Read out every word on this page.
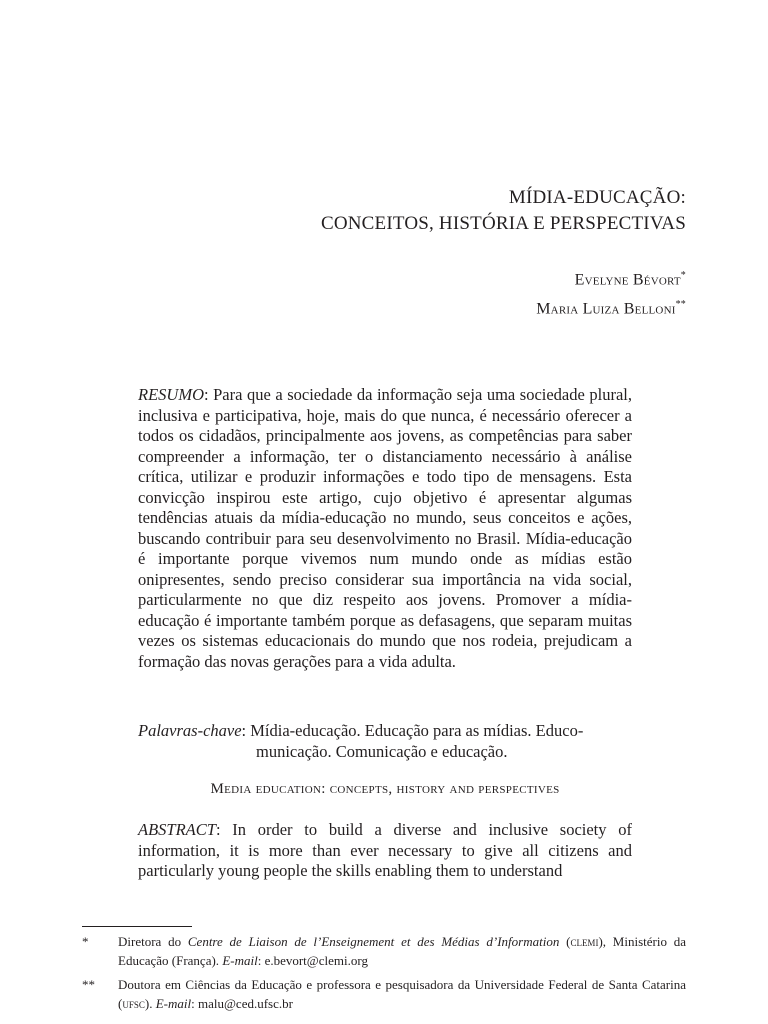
MÍDIA-EDUCAÇÃO:
CONCEITOS, HISTÓRIA E PERSPECTIVAS
Evelyne Bévort*
Maria Luiza Belloni**
RESUMO: Para que a sociedade da informação seja uma sociedade plural, inclusiva e participativa, hoje, mais do que nunca, é necessário oferecer a todos os cidadãos, principalmente aos jovens, as competências para saber compreender a informação, ter o distanciamento necessário à análise crítica, utilizar e produzir informações e todo tipo de mensagens. Esta convicção inspirou este artigo, cujo objetivo é apresentar algumas tendências atuais da mídia-educação no mundo, seus conceitos e ações, buscando contribuir para seu desenvolvimento no Brasil. Mídia-educação é importante porque vivemos num mundo onde as mídias estão onipresentes, sendo preciso considerar sua importância na vida social, particularmente no que diz respeito aos jovens. Promover a mídia-educação é importante também porque as defasagens, que separam muitas vezes os sistemas educacionais do mundo que nos rodeia, prejudicam a formação das novas gerações para a vida adulta.
Palavras-chave: Mídia-educação. Educação para as mídias. Educo-
municação. Comunicação e educação.
Media education: concepts, history and perspectives
ABSTRACT: In order to build a diverse and inclusive society of information, it is more than ever necessary to give all citizens and particularly young people the skills enabling them to understand
* Diretora do Centre de Liaison de l’Enseignement et des Médias d’Information (clemi), Ministério da Educação (França). E-mail: e.bevort@clemi.org
** Doutora em Ciências da Educação e professora e pesquisadora da Universidade Federal de Santa Catarina (ufsc). E-mail: malu@ced.ufsc.br
